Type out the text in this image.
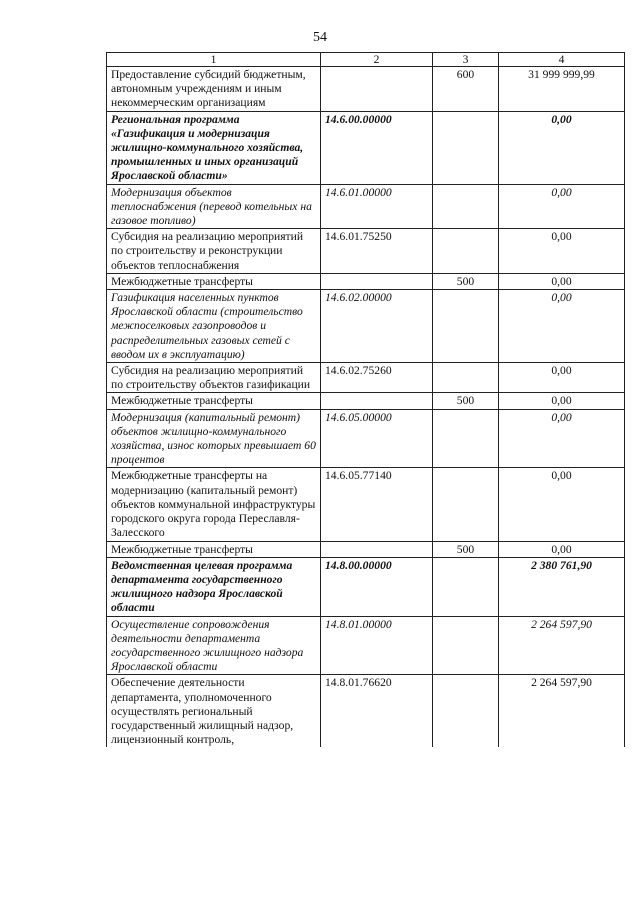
54
1	2	3	4
Предоставление субсидий бюджетным, автономным учреждениям и иным некоммерческим организациям		600	31 999 999,99
Региональная программа «Газификация и модернизация жилищно-коммунального хозяйства, промышленных и иных организаций Ярославской области»	14.6.00.00000		0,00
Модернизация объектов теплоснабжения (перевод котельных на газовое топливо)	14.6.01.00000		0,00
Субсидия на реализацию мероприятий по строительству и реконструкции объектов теплоснабжения	14.6.01.75250		0,00
Межбюджетные трансферты		500	0,00
Газификация населенных пунктов Ярославской области (строительство межпоселковых газопроводов и распределительных газовых сетей с вводом их в эксплуатацию)	14.6.02.00000		0,00
Субсидия на реализацию мероприятий по строительству объектов газификации	14.6.02.75260		0,00
Межбюджетные трансферты		500	0,00
Модернизация (капитальный ремонт) объектов жилищно-коммунального хозяйства, износ которых превышает 60 процентов	14.6.05.00000		0,00
Межбюджетные трансферты на модернизацию (капитальный ремонт) объектов коммунальной инфраструктуры городского округа города Переславля-Залесского	14.6.05.77140		0,00
Межбюджетные трансферты		500	0,00
Ведомственная целевая программа департамента государственного жилищного надзора Ярославской области	14.8.00.00000		2 380 761,90
Осуществление сопровождения деятельности департамента государственного жилищного надзора Ярославской области	14.8.01.00000		2 264 597,90
Обеспечение деятельности департамента, уполномоченного осуществлять региональный государственный жилищный надзор, лицензионный контроль,	14.8.01.76620		2 264 597,90
